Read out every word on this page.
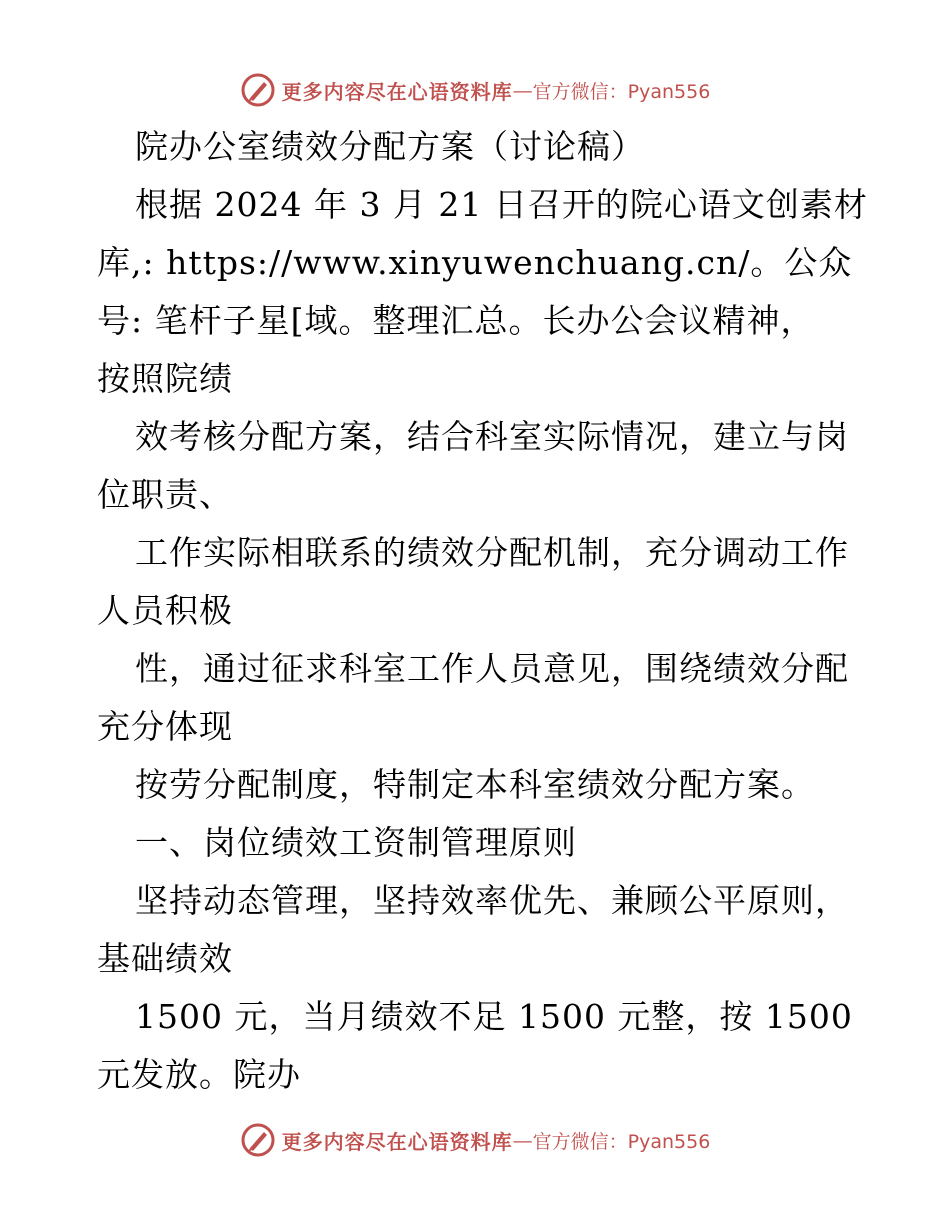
更多内容尽在心语资料库 — 官方微信：Pyan556
院办公室绩效分配方案（讨论稿）
根据 2024 年 3 月 21 日召开的院心语文创素材
库,: https://www.xinyuwenchuang.cn/。公众
号: 笔杆子星[域。整理汇总。长办公会议精神，
按照院绩
效考核分配方案，结合科室实际情况，建立与岗
位职责、
工作实际相联系的绩效分配机制，充分调动工作
人员积极
性，通过征求科室工作人员意见，围绕绩效分配
充分体现
按劳分配制度，特制定本科室绩效分配方案。
一、岗位绩效工资制管理原则
坚持动态管理，坚持效率优先、兼顾公平原则，
基础绩效
1500 元，当月绩效不足 1500 元整，按 1500
元发放。院办
更多内容尽在心语资料库 — 官方微信：Pyan556
